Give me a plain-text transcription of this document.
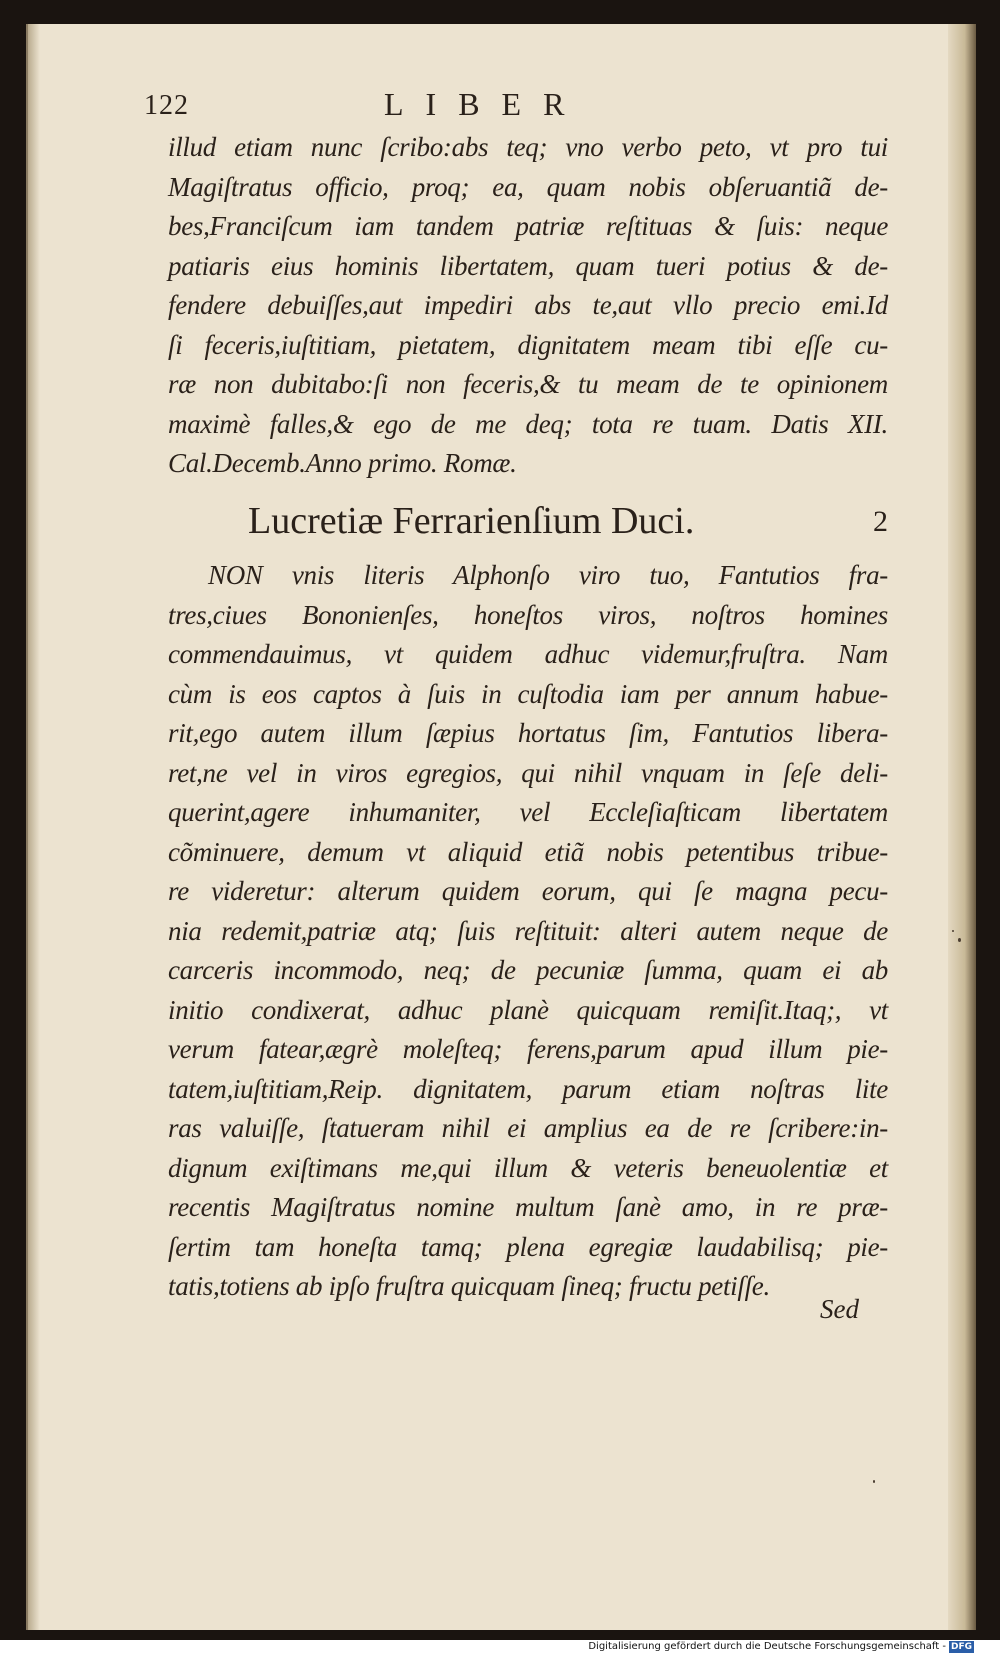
122	LIBER
illud etiam nunc ſcribo:abs teq; vno verbo peto, vt pro tui
Magiſtratus officio, proq; ea, quam nobis obſeruantiã de-
bes,Franciſcum iam tandem patriæ reſtituas & ſuis: neque
patiaris eius hominis libertatem, quam tueri potius & de-
fendere debuiſſes,aut impediri abs te,aut vllo precio emi.Id
ſi feceris,iuſtitiam, pietatem, dignitatem meam tibi eſſe cu-
ræ non dubitabo:ſi non feceris,& tu meam de te opinionem
maximè falles,& ego de me deq; tota re tuam. Datis XII.
Cal.Decemb.Anno primo. Romæ.
Lucretiæ Ferrarienſium Duci.	2
NON vnis literis Alphonſo viro tuo, Fantutios fra-
tres,ciues Bononienſes, honeſtos viros, noſtros homines
commendauimus, vt quidem adhuc videmur,fruſtra. Nam
cùm is eos captos à ſuis in cuſtodia iam per annum habue-
rit,ego autem illum ſæpius hortatus ſim, Fantutios libera-
ret,ne vel in viros egregios, qui nihil vnquam in ſeſe deli-
querint,agere inhumaniter, vel Eccleſiaſticam libertatem
cõminuere, demum vt aliquid etiã nobis petentibus tribue-
re videretur: alterum quidem eorum, qui ſe magna pecu-
nia redemit,patriæ atq; ſuis reſtituit: alteri autem neque de
carceris incommodo, neq; de pecuniæ ſumma, quam ei ab
initio condixerat, adhuc planè quicquam remiſit.Itaq;, vt
verum fatear,ægrè moleſteq; ferens,parum apud illum pie-
tatem,iuſtitiam,Reip. dignitatem, parum etiam noſtras lite
ras valuiſſe, ſtatueram nihil ei amplius ea de re ſcribere:in-
dignum exiſtimans me,qui illum & veteris beneuolentiæ et
recentis Magiſtratus nomine multum ſanè amo, in re præ-
ſertim tam honeſta tamq; plena egregiæ laudabilisq; pie-
tatis,totiens ab ipſo fruſtra quicquam ſineq; fructu petiſſe.
Sed
Digitalisierung gefördert durch die Deutsche Forschungsgemeinschaft - DFG
